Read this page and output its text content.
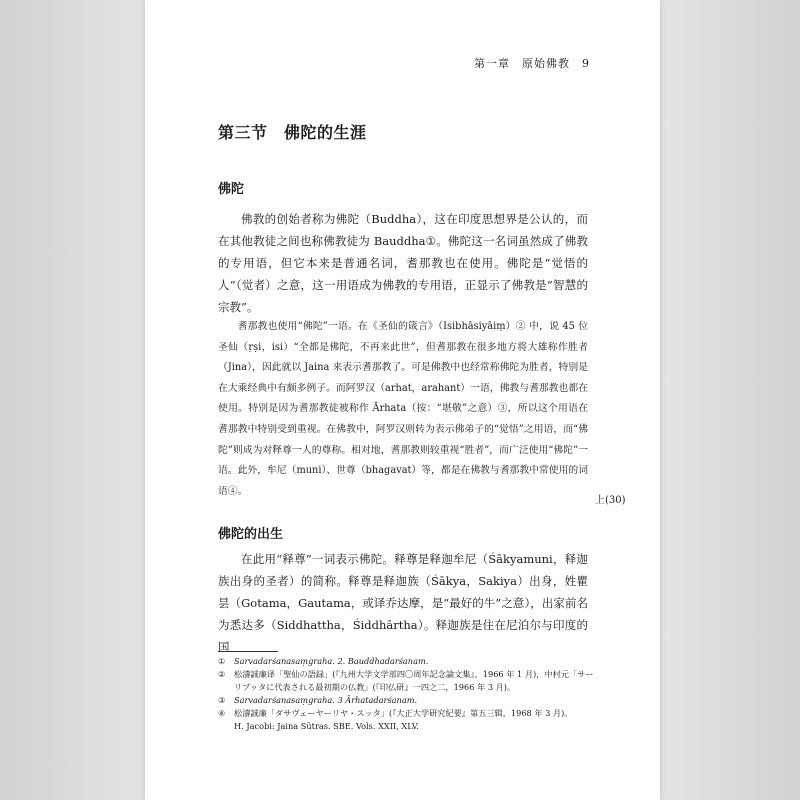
第一章　原始佛教　9
第三节　佛陀的生涯
佛陀

佛教的创始者称为佛陀（Buddha），这在印度思想界是公认的，而在其他教徒之间也称佛教徒为 Bauddha①。佛陀这一名词虽然成了佛教的专用语，但它本来是普通名词，耆那教也在使用。佛陀是“觉悟的人”（觉者）之意，这一用语成为佛教的专用语，正显示了佛教是“智慧的宗教”。

耆那教也使用“佛陀”一语。在《圣仙的箴言》（Isibhāsiyāiṃ）② 中，说 45 位圣仙（ṛṣi，isi）“全都是佛陀，不再来此世”，但耆那教在很多地方将大雄称作胜者（Jina），因此就以 Jaina 来表示耆那教了。可是佛教中也经常称佛陀为胜者，特别是在大乘经典中有颇多例子。而阿罗汉（arhat，arahant）一语，佛教与耆那教也都在使用。特别是因为耆那教徒被称作 Ārhata（按：“堪敬”之意）③，所以这个用语在耆那教中特别受到重视。在佛教中，阿罗汉则转为表示佛弟子的“觉悟”之用语，而“佛陀”则成为对释尊一人的尊称。相对地，耆那教则较重视“胜者”，而广泛使用“佛陀”一语。此外，牟尼（muni）、世尊（bhagavat）等，都是在佛教与耆那教中常使用的词语④。

上(30)
佛陀的出生

在此用“释尊”一词表示佛陀。释尊是释迦牟尼（Śākyamuni，释迦族出身的圣者）的简称。释尊是释迦族（Śākya，Sakiya）出身，姓瞿昙（Gotama，Gautama，或译乔达摩，是“最好的牛”之意），出家前名为悉达多（Siddhattha，Śiddhārtha）。释迦族是住在尼泊尔与印度的国

①	Sarvadarśanasaṃgraha. 2. Bauddhadarśanam.
②	松濤誠廉译「聖仙の語録」(『九州大学文学部四〇周年記念論文集』，1966 年 1 月)，中村元「サーリプッタに代表される最初期の仏教」(『印仏研』一四之二，1966 年 3 月)。
③	Sarvadarśanasaṃgraha. 3 Ārhatadarśanam.
④	松濤誠廉「ダサヴェーヤーリヤ・スッタ」(『大正大学研究紀要』第五三辑，1968 年 3 月)。
H. Jacobi: Jaina Sūtras. SBE. Vols. XXII, XLV.
